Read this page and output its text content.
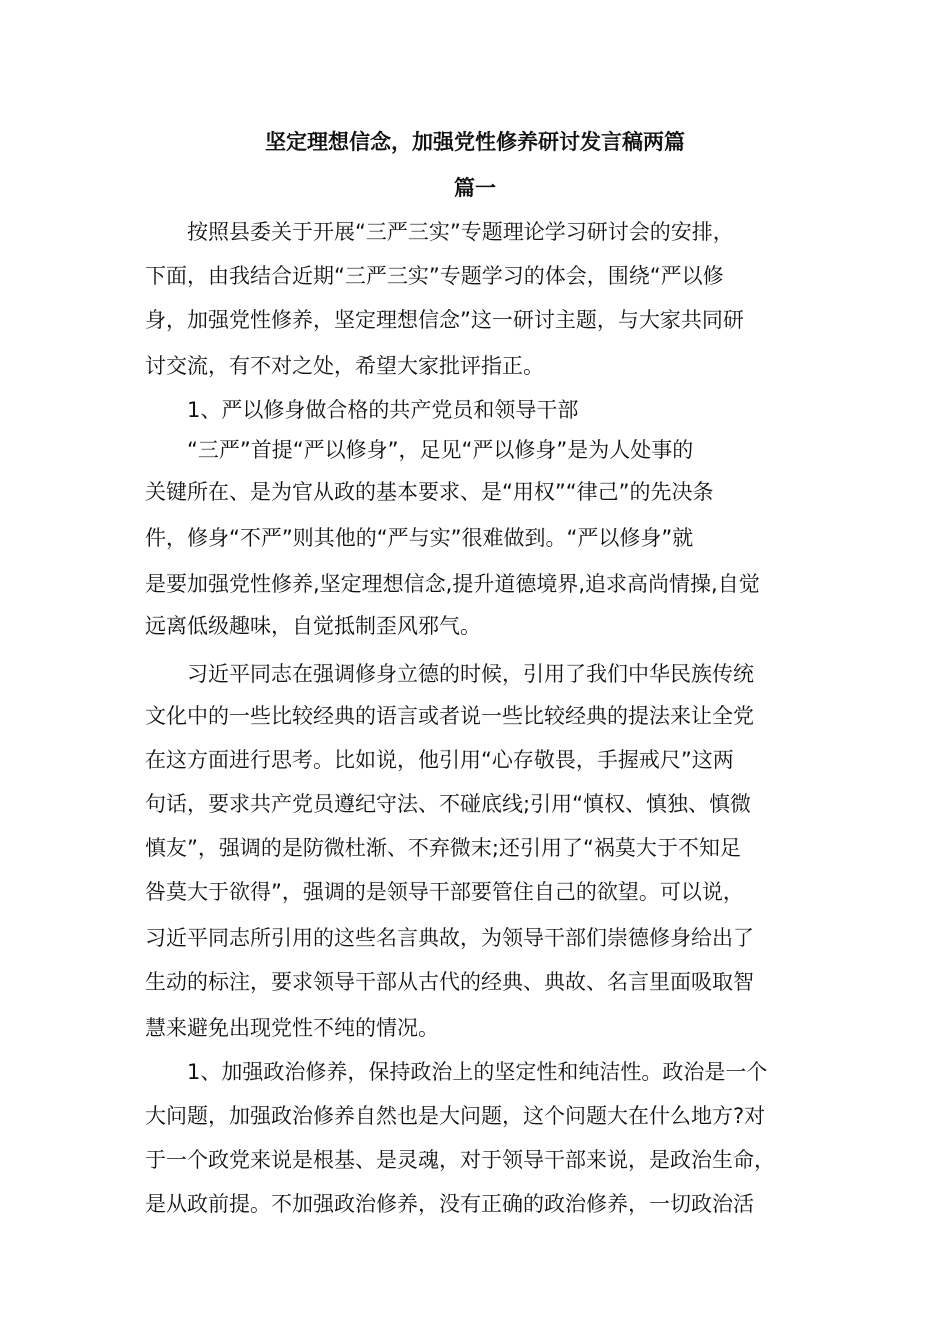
坚定理想信念，加强党性修养研讨发言稿两篇
篇一

　　按照县委关于开展“三严三实”专题理论学习研讨会的安排，

下面，由我结合近期“三严三实”专题学习的体会，围绕“严以修

身，加强党性修养，坚定理想信念”这一研讨主题，与大家共同研

讨交流，有不对之处，希望大家批评指正。

　　1、严以修身做合格的共产党员和领导干部

　　“三严”首提“严以修身”，足见“严以修身”是为人处事的

关键所在、是为官从政的基本要求、是“用权”“律己”的先决条

件，修身“不严”则其他的“严与实”很难做到。“严以修身”就

是要加强党性修养,坚定理想信念,提升道德境界,追求高尚情操,自觉

远离低级趣味，自觉抵制歪风邪气。

　　习近平同志在强调修身立德的时候，引用了我们中华民族传统

文化中的一些比较经典的语言或者说一些比较经典的提法来让全党

在这方面进行思考。比如说，他引用“心存敬畏，手握戒尺”这两

句话，要求共产党员遵纪守法、不碰底线;引用“慎权、慎独、慎微

慎友”，强调的是防微杜渐、不弃微末;还引用了“祸莫大于不知足

咎莫大于欲得”，强调的是领导干部要管住自己的欲望。可以说，

习近平同志所引用的这些名言典故，为领导干部们崇德修身给出了

生动的标注，要求领导干部从古代的经典、典故、名言里面吸取智

慧来避免出现党性不纯的情况。

　　1、加强政治修养，保持政治上的坚定性和纯洁性。政治是一个

大问题，加强政治修养自然也是大问题，这个问题大在什么地方?对

于一个政党来说是根基、是灵魂，对于领导干部来说，是政治生命，

是从政前提。不加强政治修养，没有正确的政治修养，一切政治活
